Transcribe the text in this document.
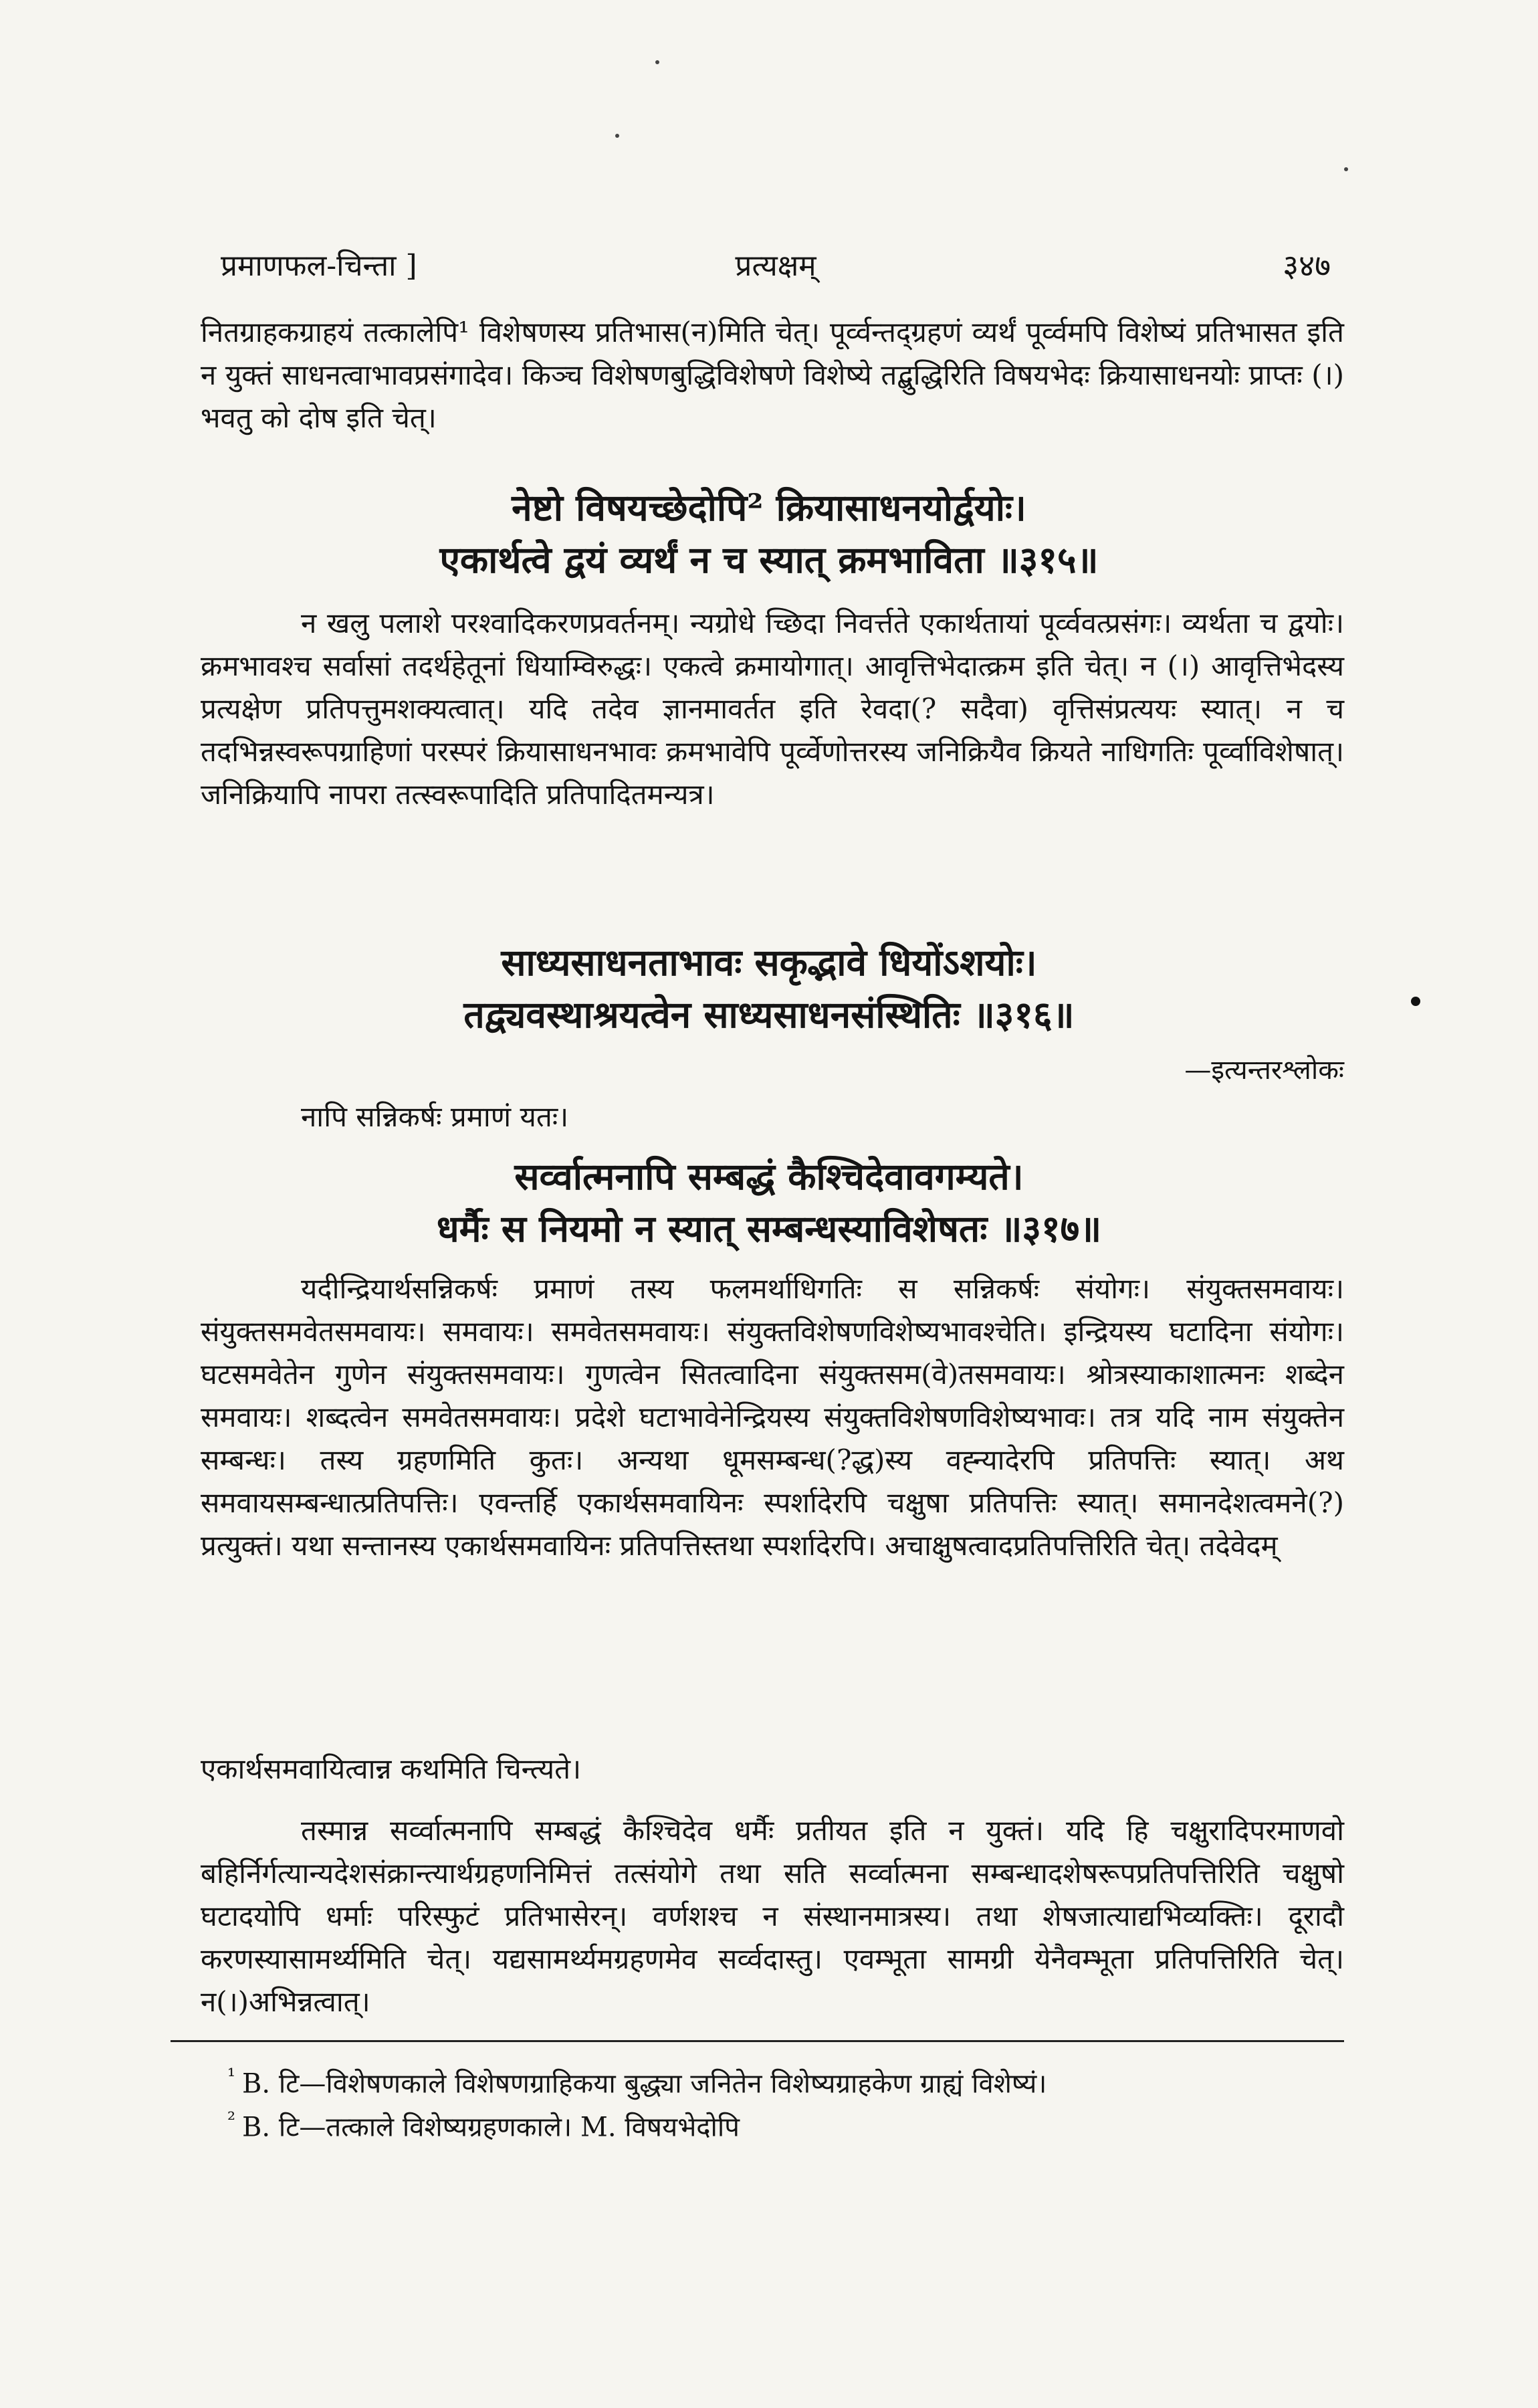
प्रमाणफल-चिन्ता ]	प्रत्यक्षम्	३४७
नितग्राहकग्राहयं तत्कालेपि¹ विशेषणस्य प्रतिभास(न)मिति चेत्। पूर्व्वन्तद्ग्रहणं व्यर्थं पूर्व्वमपि विशेष्यं प्रतिभासत इति न युक्तं साधनत्वाभावप्रसंगादेव। किञ्च विशेषणबुद्धिविशेषणे विशेष्ये तद्बुद्धिरिति विषयभेदः क्रियासाधनयोः प्राप्तः (।) भवतु को दोष इति चेत्।
नेष्टो विषयच्छेदोपि² क्रियासाधनयोर्द्वयोः।
एकार्थत्वे द्वयं व्यर्थं न च स्यात् क्रमभाविता ॥३१५॥
न खलु पलाशे परश्वादिकरणप्रवर्तनम्। न्यग्रोधे च्छिदा निवर्त्तते एकार्थतायां पूर्व्ववत्प्रसंगः। व्यर्थता च द्वयोः। क्रमभावश्च सर्वासां तदर्थहेतूनां धियाम्विरुद्धः। एकत्वे क्रमायोगात्। आवृत्तिभेदात्क्रम इति चेत्। न (।) आवृत्तिभेदस्य प्रत्यक्षेण प्रतिपत्तुमशक्यत्वात्। यदि तदेव ज्ञानमावर्तत इति रेवदा(? सदैवा) वृत्तिसंप्रत्ययः स्यात्। न च तदभिन्नस्वरूपग्राहिणां परस्परं क्रियासाधनभावः क्रमभावेपि पूर्व्वेणोत्तरस्य जनिक्रियैव क्रियते नाधिगतिः पूर्व्वाविशेषात्। जनिक्रियापि नापरा तत्स्वरूपादिति प्रतिपादितमन्यत्र।
साध्यसाधनताभावः सकृद्भावे धियोंऽशयोः।
तद्व्यवस्थाश्रयत्वेन साध्यसाधनसंस्थितिः ॥३१६॥
—इत्यन्तरश्लोकः
नापि सन्निकर्षः प्रमाणं यतः।
सर्व्वात्मनापि सम्बद्धं कैश्चिदेवावगम्यते।
धर्मैः स नियमो न स्यात् सम्बन्धस्याविशेषतः ॥३१७॥
यदीन्द्रियार्थसन्निकर्षः प्रमाणं तस्य फलमर्थाधिगतिः स सन्निकर्षः संयोगः। संयुक्तसमवायः। संयुक्तसमवेतसमवायः। समवायः। समवेतसमवायः। संयुक्तविशेषणविशेष्यभावश्चेति। इन्द्रियस्य घटादिना संयोगः। घटसमवेतेन गुणेन संयुक्तसमवायः। गुणत्वेन सितत्वादिना संयुक्तसम(वे)तसमवायः। श्रोत्रस्याकाशात्मनः शब्देन समवायः। शब्दत्वेन समवेतसमवायः। प्रदेशे घटाभावेनेन्द्रियस्य संयुक्तविशेषणविशेष्यभावः। तत्र यदि नाम संयुक्तेन सम्बन्धः। तस्य ग्रहणमिति कुतः। अन्यथा धूमसम्बन्ध(?द्ध)स्य वह्न्यादेरपि प्रतिपत्तिः स्यात्। अथ समवायसम्बन्धात्प्रतिपत्तिः। एवन्तर्हि एकार्थसमवायिनः स्पर्शादेरपि चक्षुषा प्रतिपत्तिः स्यात्। समानदेशत्वमने(?) प्रत्युक्तं। यथा सन्तानस्य एकार्थसमवायिनः प्रतिपत्तिस्तथा स्पर्शादेरपि। अचाक्षुषत्वादप्रतिपत्तिरिति चेत्। तदेवेदम्
एकार्थसमवायित्वान्न कथमिति चिन्त्यते।
तस्मान्न सर्व्वात्मनापि सम्बद्धं कैश्चिदेव धर्मैः प्रतीयत इति न युक्तं। यदि हि चक्षुरादिपरमाणवो बहिर्निर्गत्यान्यदेशसंक्रान्त्यार्थग्रहणनिमित्तं तत्संयोगे तथा सति सर्व्वात्मना सम्बन्धादशेषरूपप्रतिपत्तिरिति चक्षुषो घटादयोपि धर्माः परिस्फुटं प्रतिभासेरन्। वर्णशश्च न संस्थानमात्रस्य। तथा शेषजात्याद्यभिव्यक्तिः। दूरादौ करणस्यासामर्थ्यमिति चेत्। यद्यसामर्थ्यमग्रहणमेव सर्व्वदास्तु। एवम्भूता सामग्री येनैवम्भूता प्रतिपत्तिरिति चेत्। न(।)अभिन्नत्वात्।
$^{^1}$ B. टि—विशेषणकाले विशेषणग्राहिकया बुद्ध्या जनितेन विशेष्यग्राहकेण ग्राह्यं विशेष्यं।
$^{^2}$ B. टि—तत्काले विशेष्यग्रहणकाले। M. विषयभेदोपि
